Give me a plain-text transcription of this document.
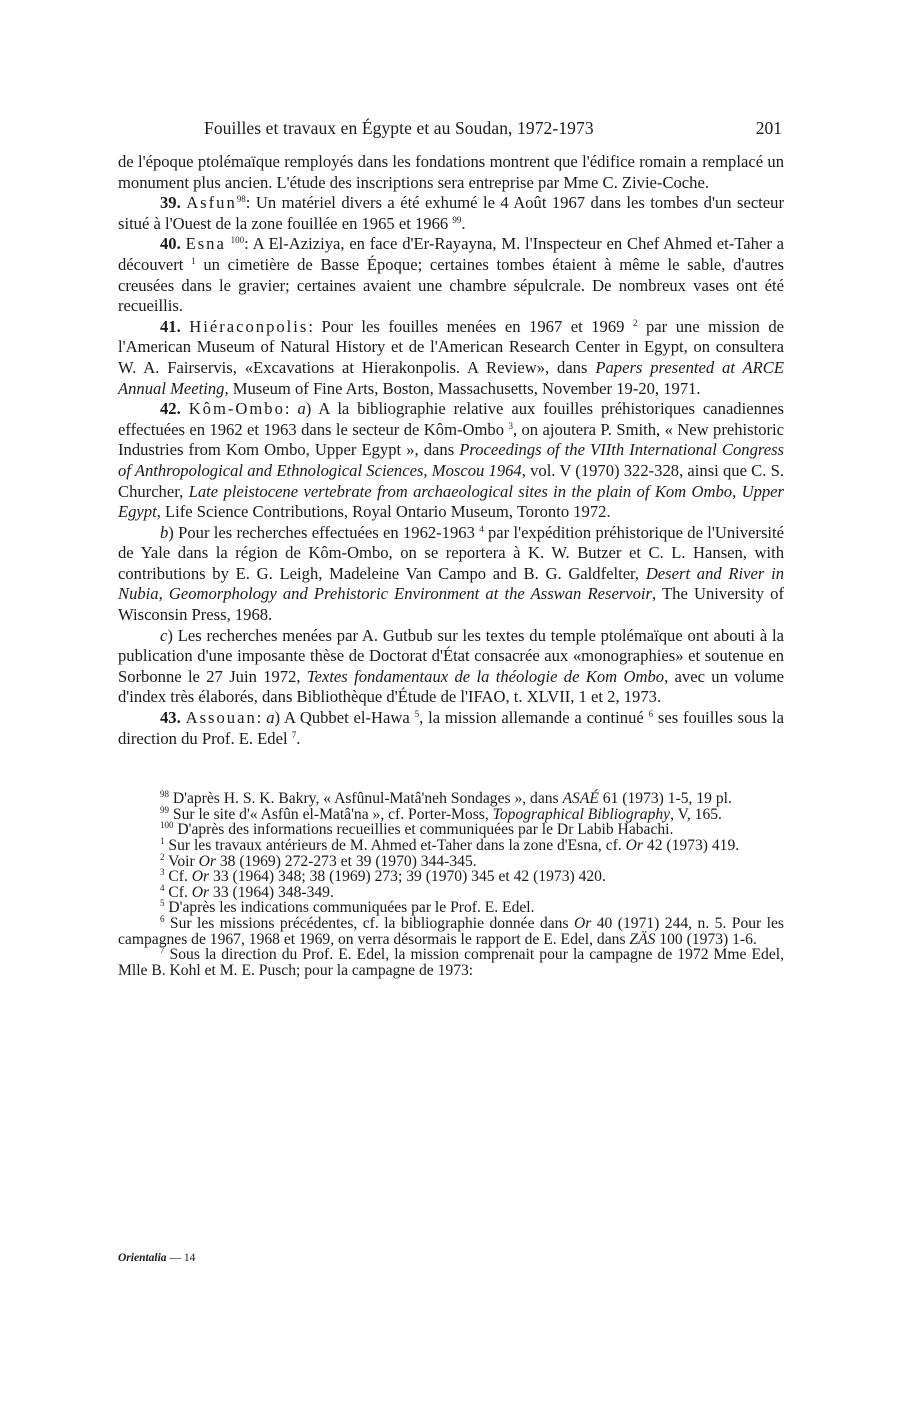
Fouilles et travaux en Égypte et au Soudan, 1972-1973	201

de l'époque ptolémaïque remployés dans les fondations montrent que l'édifice romain a remplacé un monument plus ancien. L'étude des inscriptions sera entreprise par Mme C. Zivie-Coche.

39. Asfun$^{98}$: Un matériel divers a été exhumé le 4 Août 1967 dans les tombes d'un secteur situé à l'Ouest de la zone fouillée en 1965 et 1966 $^{99}$.

40. Esna $^{100}$: A El-Aziziya, en face d'Er-Rayayna, M. l'Inspecteur en Chef Ahmed et-Taher a découvert $^1$ un cimetière de Basse Époque; certaines tombes étaient à même le sable, d'autres creusées dans le gravier; certaines avaient une chambre sépulcrale. De nombreux vases ont été recueillis.

41. Hiéraconpolis: Pour les fouilles menées en 1967 et 1969 $^2$ par une mission de l'American Museum of Natural History et de l'American Research Center in Egypt, on consultera W. A. Fairservis, «Excavations at Hierakonpolis. A Review», dans Papers presented at ARCE Annual Meeting, Museum of Fine Arts, Boston, Massachusetts, November 19-20, 1971.

42. Kôm-Ombo: a) A la bibliographie relative aux fouilles préhistoriques canadiennes effectuées en 1962 et 1963 dans le secteur de Kôm-Ombo $^3$, on ajoutera P. Smith, « New prehistoric Industries from Kom Ombo, Upper Egypt », dans Proceedings of the VIIth International Congress of Anthropological and Ethnological Sciences, Moscou 1964, vol. V (1970) 322-328, ainsi que C. S. Churcher, Late pleistocene vertebrate from archaeological sites in the plain of Kom Ombo, Upper Egypt, Life Science Contributions, Royal Ontario Museum, Toronto 1972.

b) Pour les recherches effectuées en 1962-1963 $^4$ par l'expédition préhistorique de l'Université de Yale dans la région de Kôm-Ombo, on se reportera à K. W. Butzer et C. L. Hansen, with contributions by E. G. Leigh, Madeleine Van Campo and B. G. Galdfelter, Desert and River in Nubia, Geomorphology and Prehistoric Environment at the Asswan Reservoir, The University of Wisconsin Press, 1968.

c) Les recherches menées par A. Gutbub sur les textes du temple ptolémaïque ont abouti à la publication d'une imposante thèse de Doctorat d'État consacrée aux «monographies» et soutenue en Sorbonne le 27 Juin 1972, Textes fondamentaux de la théologie de Kom Ombo, avec un volume d'index très élaborés, dans Bibliothèque d'Étude de l'IFAO, t. XLVII, 1 et 2, 1973.

43. Assouan: a) A Qubbet el-Hawa $^5$, la mission allemande a continué $^6$ ses fouilles sous la direction du Prof. E. Edel $^7$.

$^{98}$ D'après H. S. K. Bakry, « Asfûnul-Matâ'neh Sondages », dans ASAÉ 61 (1973) 1-5, 19 pl.

$^{99}$ Sur le site d'« Asfûn el-Matâ'na », cf. Porter-Moss, Topographical Bibliography, V, 165.

$^{100}$ D'après des informations recueillies et communiquées par le Dr Labib Habachi.

$^1$ Sur les travaux antérieurs de M. Ahmed et-Taher dans la zone d'Esna, cf. Or 42 (1973) 419.

$^2$ Voir Or 38 (1969) 272-273 et 39 (1970) 344-345.

$^3$ Cf. Or 33 (1964) 348; 38 (1969) 273; 39 (1970) 345 et 42 (1973) 420.

$^4$ Cf. Or 33 (1964) 348-349.

$^5$ D'après les indications communiquées par le Prof. E. Edel.

$^6$ Sur les missions précédentes, cf. la bibliographie donnée dans Or 40 (1971) 244, n. 5. Pour les campagnes de 1967, 1968 et 1969, on verra désormais le rapport de E. Edel, dans ZÄS 100 (1973) 1-6.

$^7$ Sous la direction du Prof. E. Edel, la mission comprenait pour la campagne de 1972 Mme Edel, Mlle B. Kohl et M. E. Pusch; pour la campagne de 1973:

Orientalia — 14
